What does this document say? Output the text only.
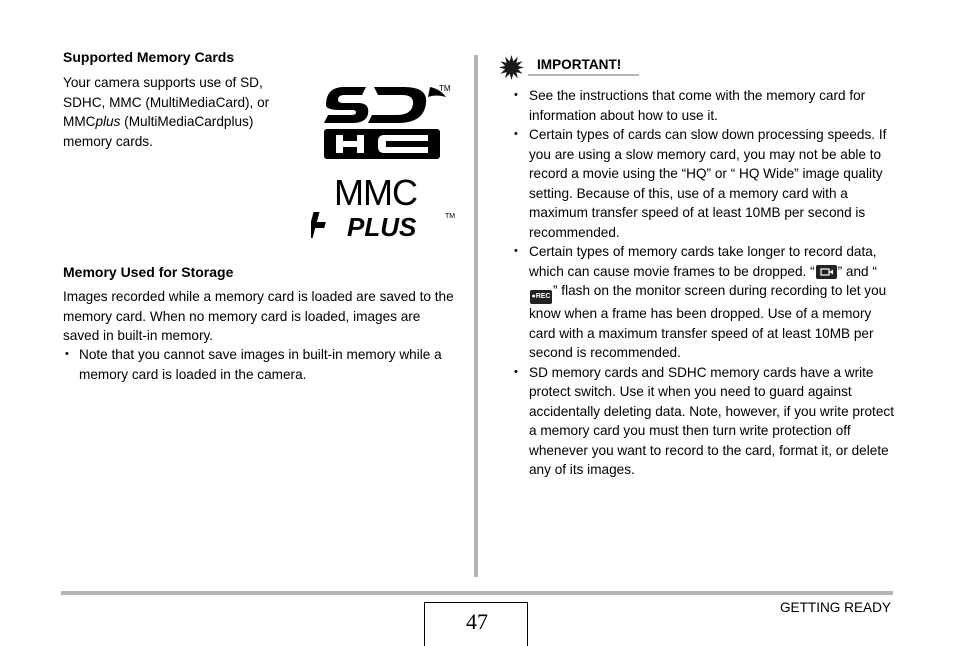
Supported Memory Cards

Your camera supports use of SD, SDHC, MMC (MultiMediaCard), or MMCplus (MultiMediaCardplus) memory cards.

TM
MMC
PLUS	TM
Memory Used for Storage

Images recorded while a memory card is loaded are saved to the memory card. When no memory card is loaded, images are saved in built-in memory.

• Note that you cannot save images in built-in memory while a memory card is loaded in the camera.
IMPORTANT!
• See the instructions that come with the memory card for information about how to use it.
• Certain types of cards can slow down processing speeds. If you are using a slow memory card, you may not be able to record a movie using the “HQ” or “ HQ Wide” image quality setting. Because of this, use of a memory card with a maximum transfer speed of at least 10MB per second is recommended.
• Certain types of memory cards take longer to record data, which can cause movie frames to be dropped. “ ” and “●REC ” flash on the monitor screen during recording to let you know when a frame has been dropped. Use of a memory card with a maximum transfer speed of at least 10MB per second is recommended.
• SD memory cards and SDHC memory cards have a write protect switch. Use it when you need to guard against accidentally deleting data. Note, however, if you write protect a memory card you must then turn write protection off whenever you want to record to the card, format it, or delete any of its images.
47
GETTING READY
